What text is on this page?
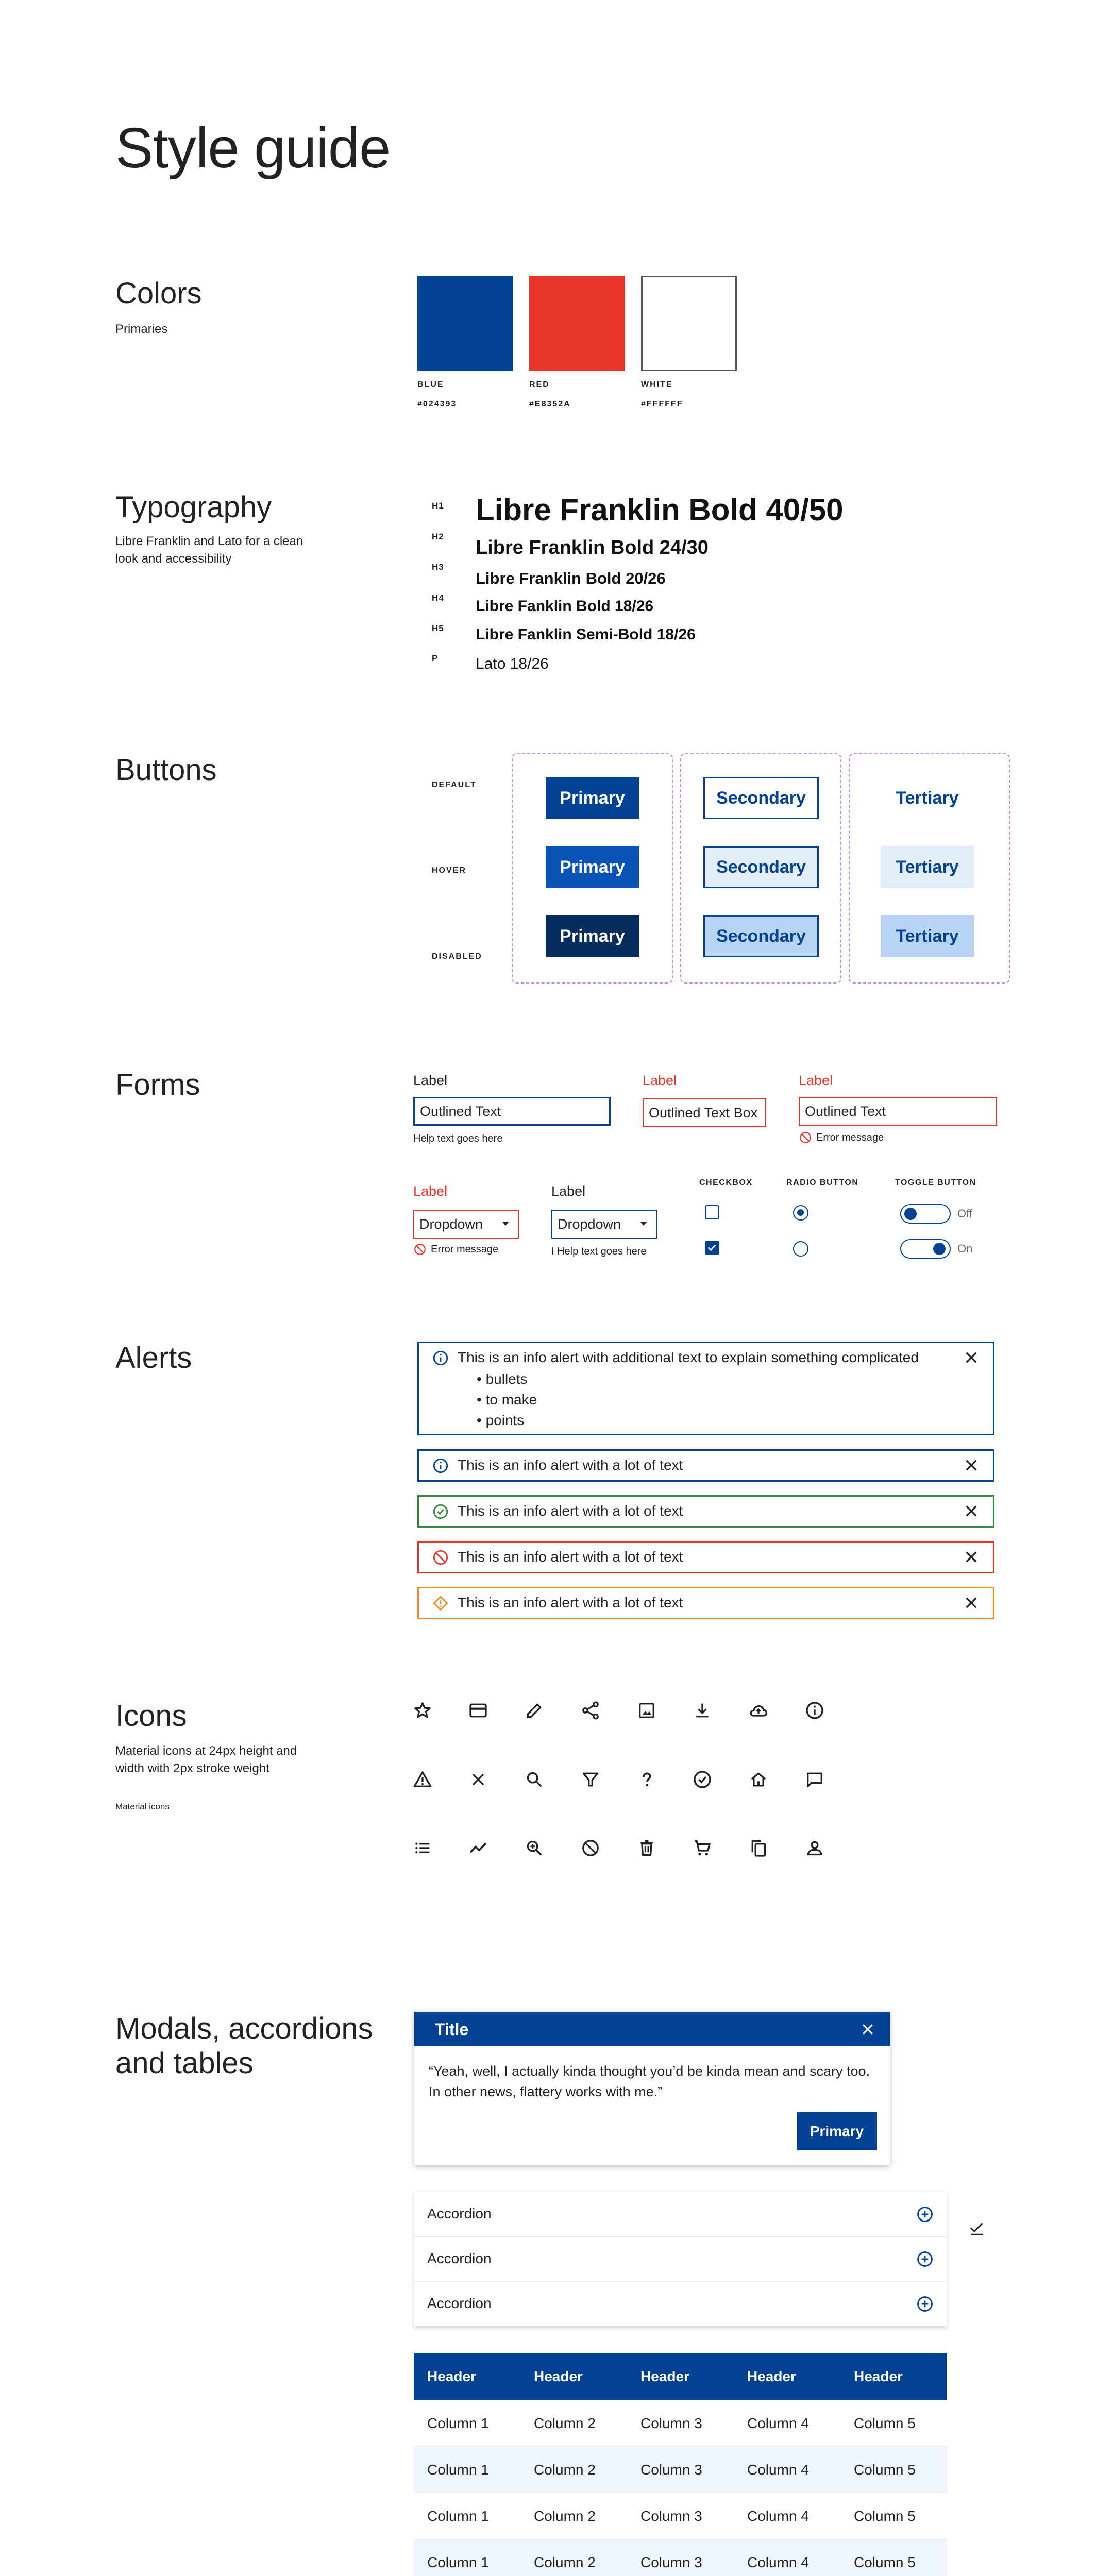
Style guide
Colors
Primaries
BLUE
#024393
RED
#E8352A
WHITE
#FFFFFF
Typography
Libre Franklin and Lato for a clean
look and accessibility
H1 Libre Franklin Bold 40/50
H2
Libre Franklin Bold 24/30
H3
Libre Franklin Bold 20/26
H4 Libre Fanklin Bold 18/26
H5 Libre Fanklin Semi-Bold 18/26
P Lato 18/26
Buttons	DEFAULT
HOVER
DISABLED
Primary
Primary
Primary
Secondary
Secondary
Secondary
Tertiary
Tertiary
Tertiary
Forms	Label
Outlined Text
Help text goes here
Label
Outlined Text Box
Label
Outlined Text
Error message
Label
Dropdown
Error message
Label
Dropdown
I Help text goes here
CHECKBOX	RADIO BUTTON	TOGGLE BUTTON
Off
On
Alerts	This is an info alert with additional text to explain something complicated
• bullets
• to make
• points
This is an info alert with a lot of text
This is an info alert with a lot of text
This is an info alert with a lot of text
This is an info alert with a lot of text
Icons
Material icons at 24px height and
width with 2px stroke weight
Material icons
Modals, accordions
and tables
Title
“Yeah, well, I actually kinda thought you’d be kinda mean and scary too.
In other news, flattery works with me.”
Primary
Accordion
Accordion
Accordion
Header	Header	Header	Header	Header
Column 1	Column 2	Column 3	Column 4	Column 5
Column 1	Column 2	Column 3	Column 4	Column 5
Column 1	Column 2	Column 3	Column 4	Column 5
Column 1	Column 2	Column 3	Column 4	Column 5
